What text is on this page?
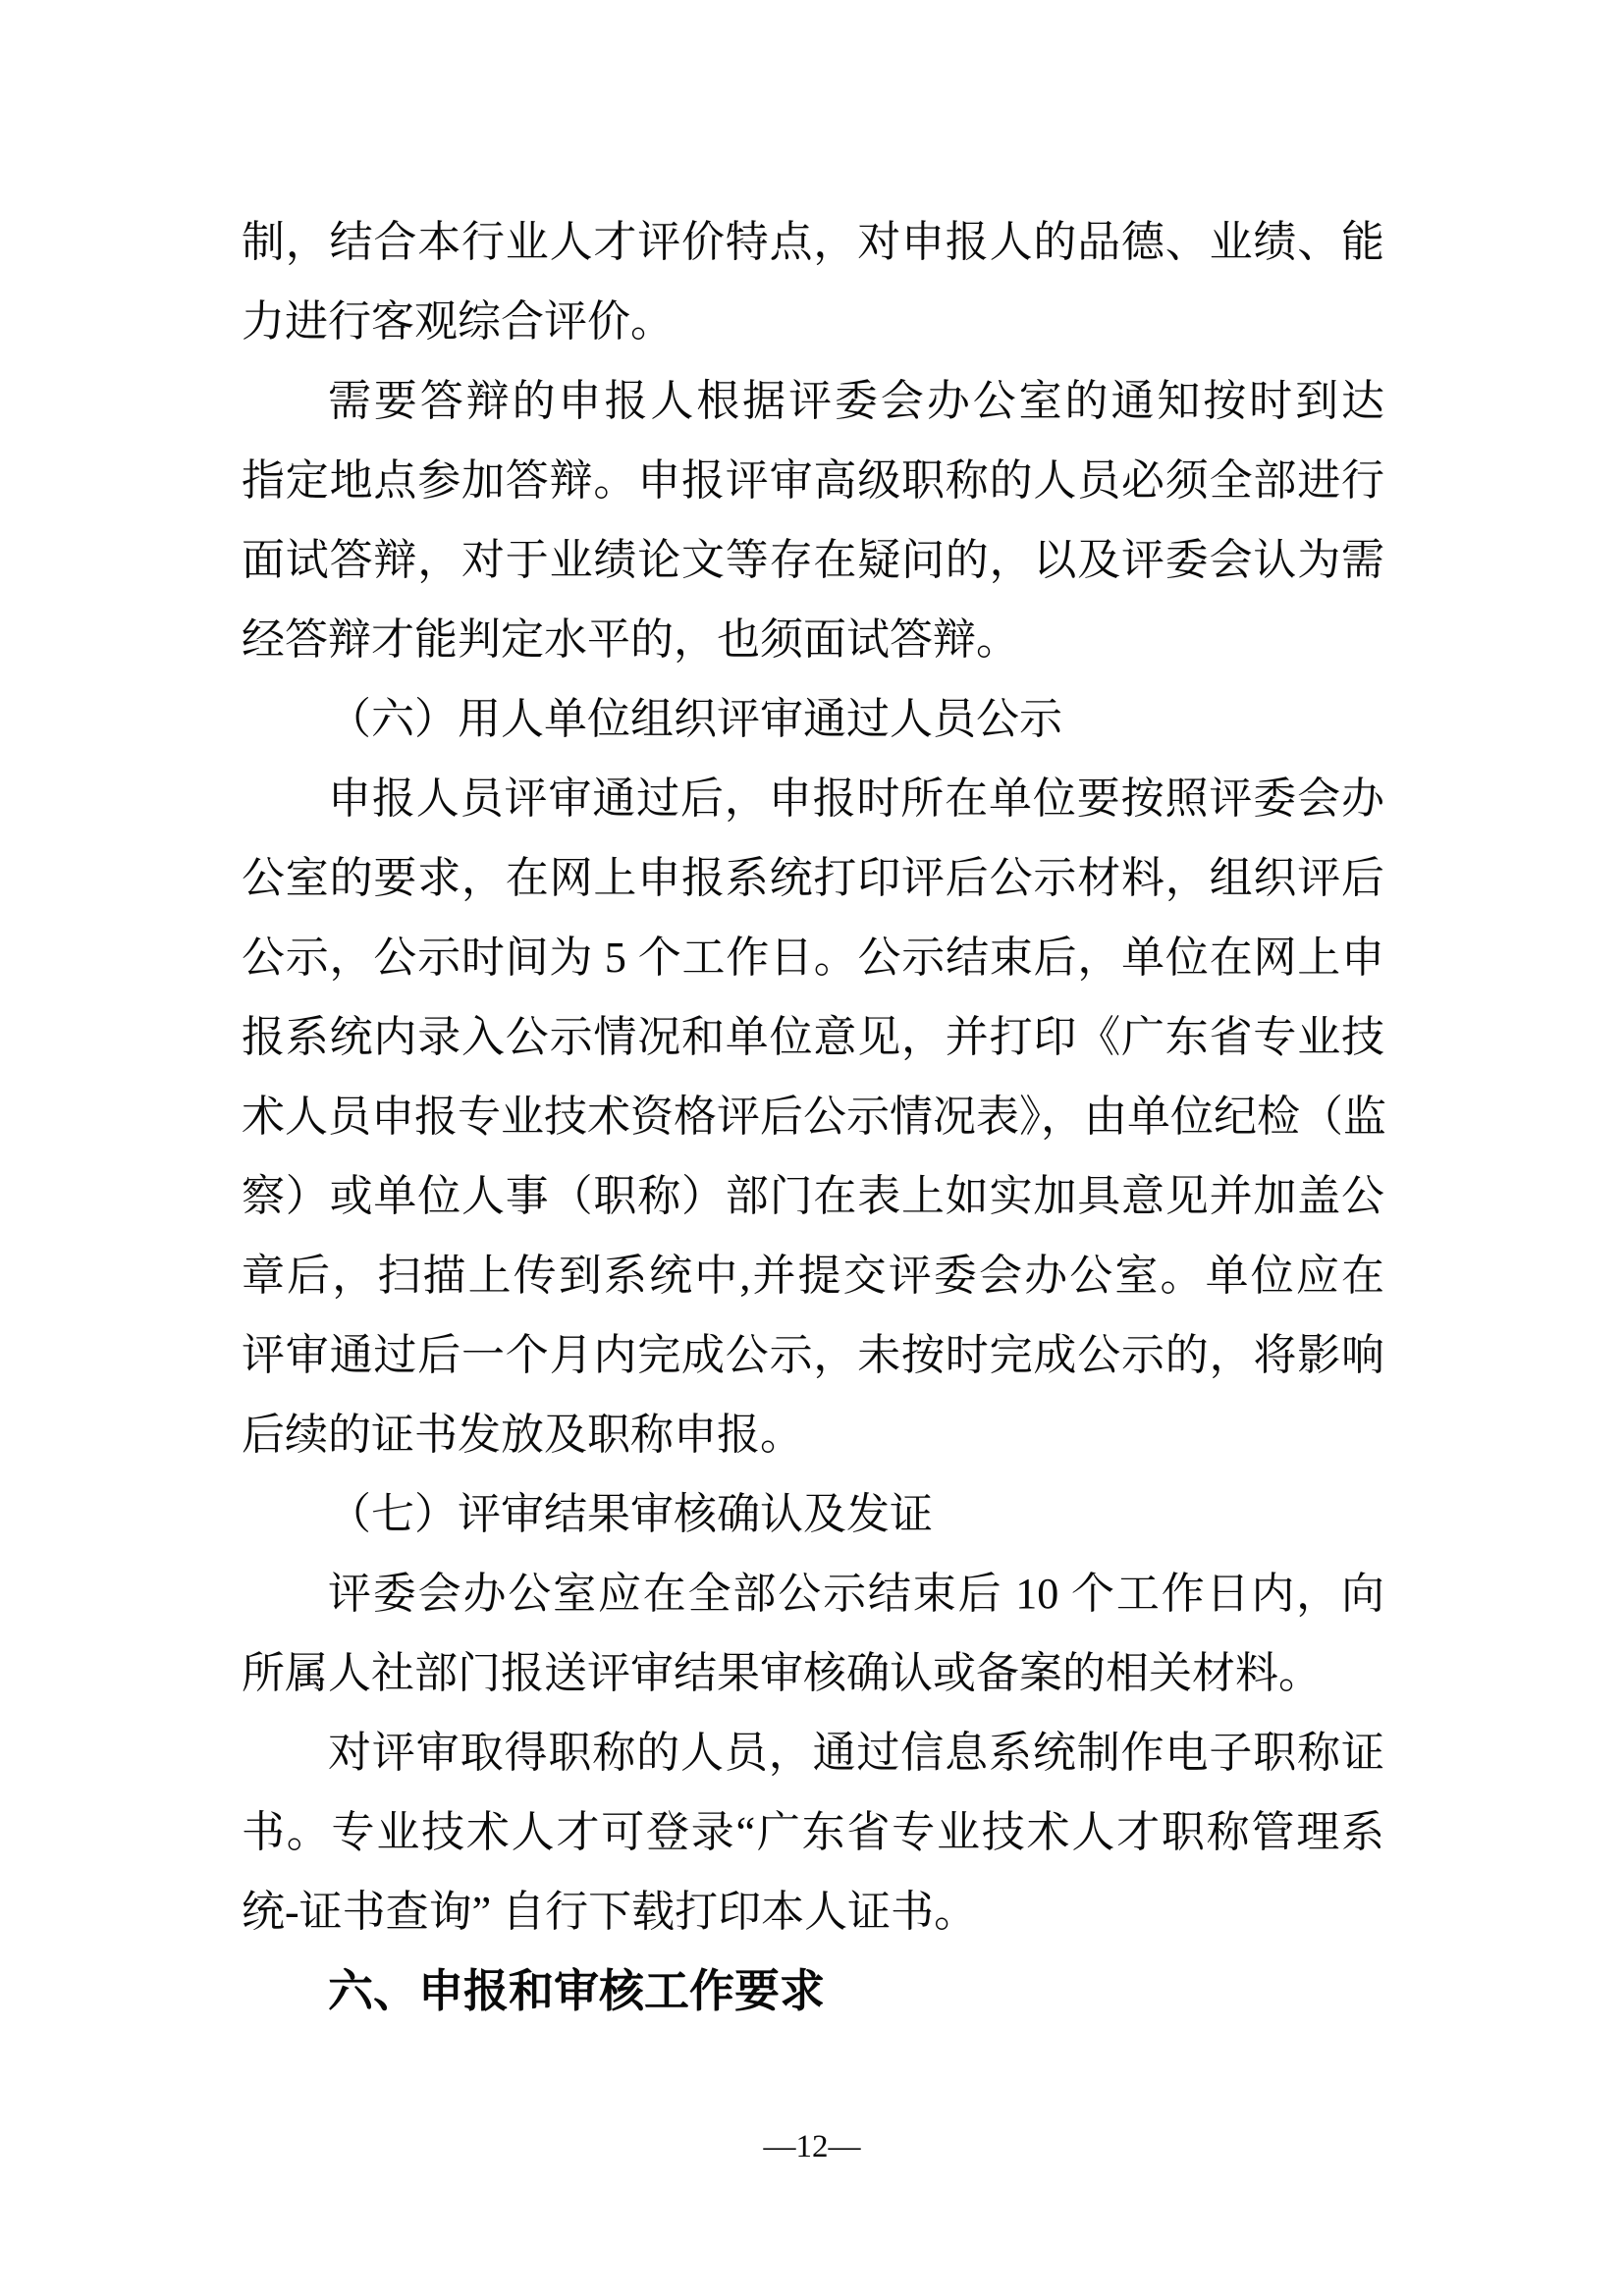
制，结合本行业人才评价特点，对申报人的品德、业绩、能
力进行客观综合评价。
需要答辩的申报人根据评委会办公室的通知按时到达
指定地点参加答辩。申报评审高级职称的人员必须全部进行
面试答辩，对于业绩论文等存在疑问的，以及评委会认为需
经答辩才能判定水平的，也须面试答辩。
（六）用人单位组织评审通过人员公示
申报人员评审通过后，申报时所在单位要按照评委会办
公室的要求，在网上申报系统打印评后公示材料，组织评后
公示，公示时间为 5 个工作日。公示结束后，单位在网上申
报系统内录入公示情况和单位意见，并打印《广东省专业技
术人员申报专业技术资格评后公示情况表》，由单位纪检（监
察）或单位人事（职称）部门在表上如实加具意见并加盖公
章后，扫描上传到系统中,并提交评委会办公室。单位应在
评审通过后一个月内完成公示，未按时完成公示的，将影响
后续的证书发放及职称申报。
（七）评审结果审核确认及发证
评委会办公室应在全部公示结束后 10 个工作日内，向
所属人社部门报送评审结果审核确认或备案的相关材料。
对评审取得职称的人员，通过信息系统制作电子职称证
书。专业技术人才可登录“广东省专业技术人才职称管理系
统-证书查询” 自行下载打印本人证书。
六、申报和审核工作要求
—12—
